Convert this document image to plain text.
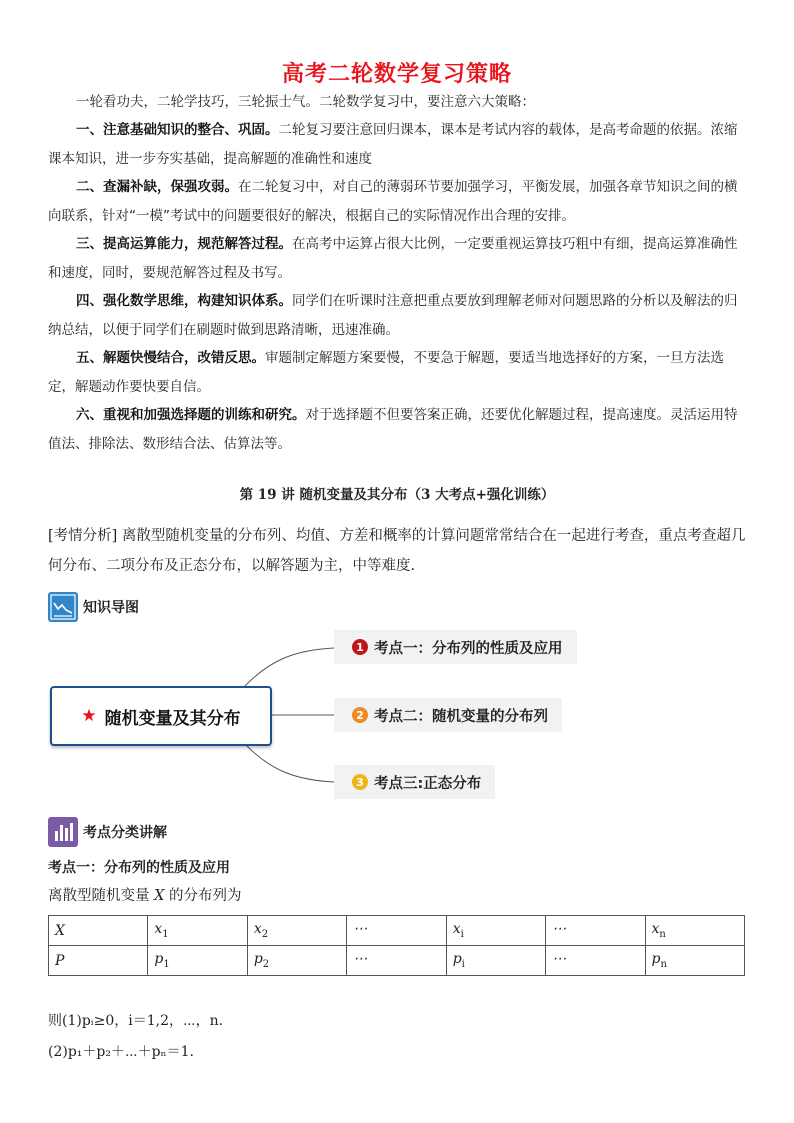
高考二轮数学复习策略
一轮看功夫，二轮学技巧，三轮振士气。二轮数学复习中，要注意六大策略：
一、注意基础知识的整合、巩固。二轮复习要注意回归课本，课本是考试内容的载体，是高考命题的依据。浓缩课本知识，进一步夯实基础，提高解题的准确性和速度
二、查漏补缺，保强攻弱。在二轮复习中，对自己的薄弱环节要加强学习，平衡发展，加强各章节知识之间的横向联系，针对“一模”考试中的问题要很好的解决，根据自己的实际情况作出合理的安排。
三、提高运算能力，规范解答过程。在高考中运算占很大比例，一定要重视运算技巧粗中有细，提高运算准确性和速度，同时，要规范解答过程及书写。
四、强化数学思维，构建知识体系。同学们在听课时注意把重点要放到理解老师对问题思路的分析以及解法的归纳总结，以便于同学们在刷题时做到思路清晰，迅速准确。
五、解题快慢结合，改错反思。审题制定解题方案要慢，不要急于解题，要适当地选择好的方案，一旦方法选定，解题动作要快要自信。
六、重视和加强选择题的训练和研究。对于选择题不但要答案正确，还要优化解题过程，提高速度。灵活运用特值法、排除法、数形结合法、估算法等。
第 19 讲 随机变量及其分布（3 大考点+强化训练）
[考情分析] 离散型随机变量的分布列、均值、方差和概率的计算问题常常结合在一起进行考查，重点考查超几何分布、二项分布及正态分布，以解答题为主，中等难度.
知识导图
★ 随机变量及其分布
1 考点一：分布列的性质及应用
2 考点二：随机变量的分布列
3 考点三:正态分布
考点分类讲解
考点一：分布列的性质及应用
离散型随机变量 X 的分布列为
X	$x_1$	$x_2$	⋯	$x_i$	⋯	$x_n$
P	$p_1$	$p_2$	⋯	$p_i$	⋯	$p_n$
则(1)pᵢ≥0，i＝1,2，⋯，n.
(2)p₁＋p₂＋⋯＋pₙ＝1.
